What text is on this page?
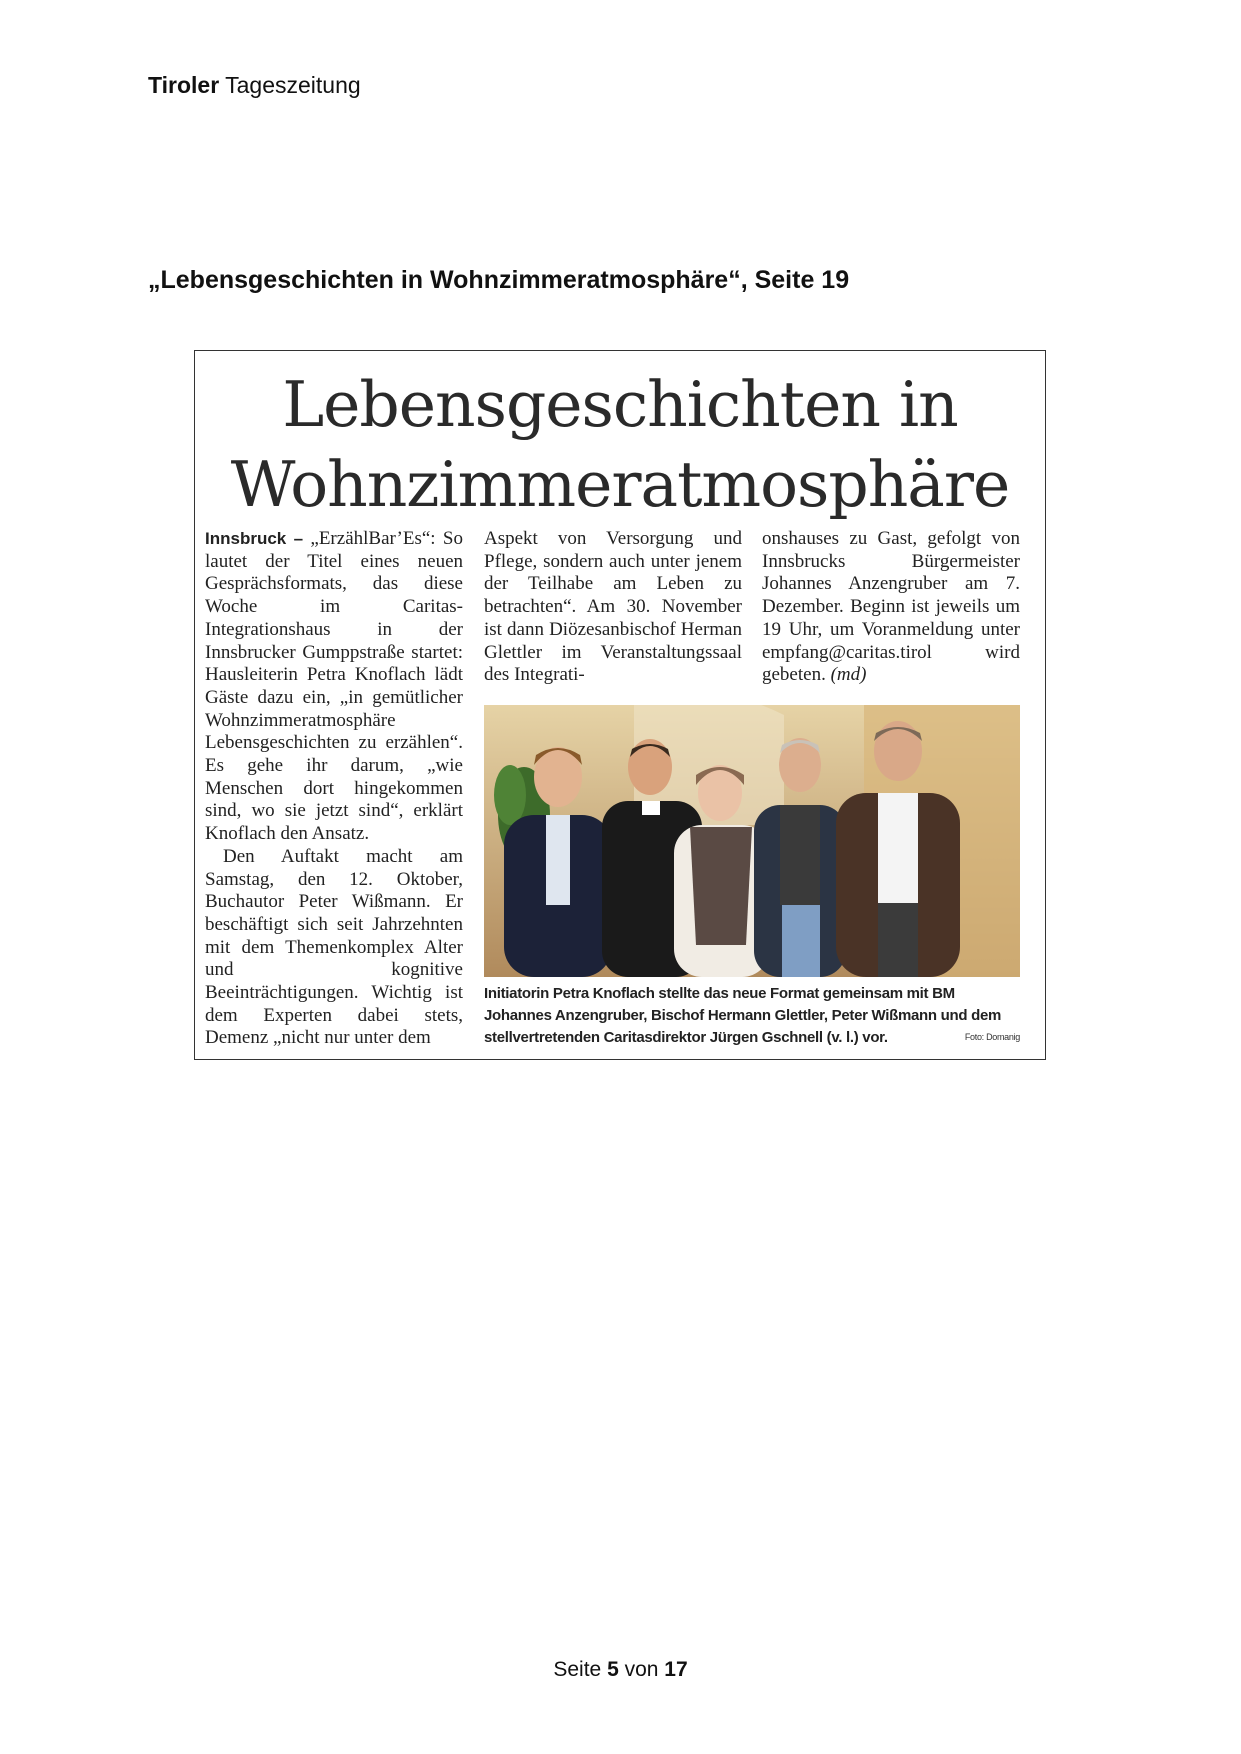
Tiroler Tageszeitung
„Lebensgeschichten in Wohnzimmeratmosphäre“, Seite 19
Lebensgeschichten in
Wohnzimmeratmosphäre

Innsbruck – „ErzählBar’Es“: So lautet der Titel eines neuen Gesprächsformats, das diese Woche im Caritas-Integrationshaus in der Innsbrucker Gumppstraße startet: Hausleiterin Petra Knoflach lädt Gäste dazu ein, „in gemütlicher Wohnzimmeratmosphäre Lebensgeschichten zu erzählen“. Es gehe ihr darum, „wie Menschen dort hingekommen sind, wo sie jetzt sind“, erklärt Knoflach den Ansatz.

Den Auftakt macht am Samstag, den 12. Oktober, Buchautor Peter Wißmann. Er beschäftigt sich seit Jahrzehnten mit dem Themenkomplex Alter und kognitive Beeinträchtigungen. Wichtig ist dem Experten dabei stets, Demenz „nicht nur unter dem

Aspekt von Versorgung und Pflege, sondern auch unter jenem der Teilhabe am Leben zu betrachten“. Am 30. November ist dann Diözesanbischof Herman Glettler im Veranstaltungssaal des Integrati-

onshauses zu Gast, gefolgt von Innsbrucks Bürgermeister Johannes Anzengruber am 7. Dezember. Beginn ist jeweils um 19 Uhr, um Voranmeldung unter empfang@caritas.tirol wird gebeten. (md)

Initiatorin Petra Knoflach stellte das neue Format gemeinsam mit BM Johannes Anzengruber, Bischof Hermann Glettler, Peter Wißmann und dem stellvertretenden Caritasdirektor Jürgen Gschnell (v. l.) vor.	Foto: Domanig
Seite 5 von 17
